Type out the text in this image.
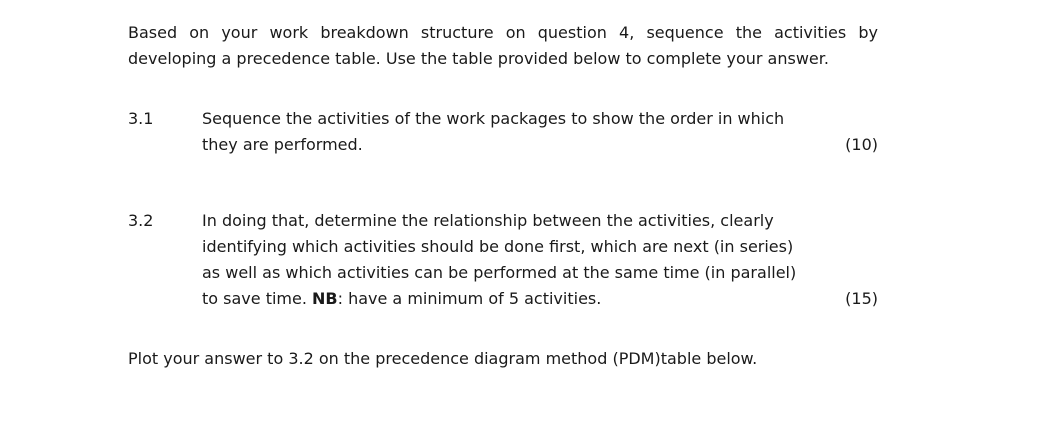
Based on your work breakdown structure on question 4, sequence the activities by developing a precedence table. Use the table provided below to complete your answer.

3.1	Sequence the activities of the work packages to show the order in which
they are performed.	(10)
3.2	In doing that, determine the relationship between the activities, clearly
identifying which activities should be done first, which are next (in series)
as well as which activities can be performed at the same time (in parallel)
to save time. NB: have a minimum of 5 activities.	(15)

Plot your answer to 3.2 on the precedence diagram method (PDM)table below.
